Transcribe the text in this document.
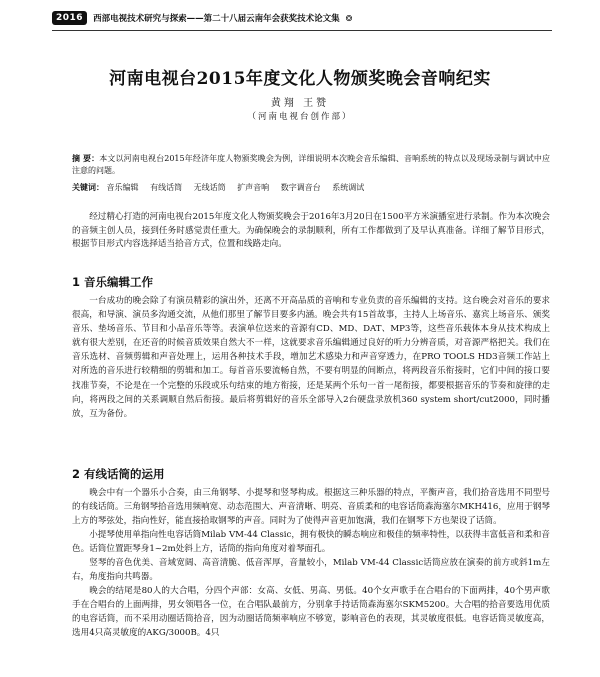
2016	西部电视技术研究与探索——第二十八届云南年会获奖技术论文集 ❂
河南电视台2015年度文化人物颁奖晚会音响纪实
黄翔 王赞
（河南电视台创作部）
摘 要：本文以河南电视台2015年经济年度人物颁奖晚会为例，详细说明本次晚会音乐编辑、音响系统的特点以及现场录制与调试中应注意的问题。
关键词： 音乐编辑 有线话筒 无线话筒 扩声音响 数字调音台 系统调试
经过精心打造的河南电视台2015年度文化人物颁奖晚会于2016年3月20日在1500平方米演播室进行录制。作为本次晚会的音频主创人员，接到任务时感觉责任重大。为确保晚会的录制顺利，所有工作都做到了及早认真准备。详细了解节目形式，根据节目形式内容选择适当拾音方式，位置和线路走向。
1 音乐编辑工作
一台成功的晚会除了有演员精彩的演出外，还离不开高品质的音响和专业负责的音乐编辑的支持。这台晚会对音乐的要求很高，和导演、演员多沟通交流，从他们那里了解节目要多内涵。晚会共有15首故事，主持人上场音乐、嘉宾上场音乐、颁奖音乐、垫场音乐、节目和小品音乐等等。表演单位送来的音源有CD、MD、DAT、MP3等，这些音乐载体本身从技术构成上就有很大差别，在还音的时候音质效果自然大不一样，这就要求音乐编辑通过良好的听力分辨音质，对音源严格把关。我们在音乐选材、音频剪辑和声音处理上，运用各种技术手段，增加艺术感染力和声音穿透力，在PRO TOOLS HD3音频工作站上对所选的音乐进行较精细的剪辑和加工。每首音乐要流畅自然，不要有明显的间断点，将两段音乐衔接时，它们中间的接口要找准节奏，不论是在一个完整的乐段或乐句结束的地方衔接，还是某两个乐句一首一尾衔接，都要根据音乐的节奏和旋律的走向，将两段之间的关系调顺自然后衔接。最后将剪辑好的音乐全部导入2台硬盘录放机360 system short/cut2000，同时播放，互为备份。
2 有线话筒的运用

晚会中有一个器乐小合奏，由三角钢琴、小提琴和竖琴构成。根据这三种乐器的特点，平衡声音，我们拾音选用不同型号的有线话筒。三角钢琴拾音选用频响宽、动态范围大、声音清晰、明亮、音质柔和的电容话筒森海塞尔MKH416，应用于钢琴上方的琴弦处，指向性好，能直接拾取钢琴的声音。同时为了使得声音更加饱满，我们在钢琴下方也架设了话筒。

小提琴使用单指向性电容话筒Milab VM-44 Classic，拥有极快的瞬态响应和极佳的频率特性，以获得丰富低音和柔和音色。话筒位置距琴身1~2m处斜上方，话筒的指向角度对着琴面孔。

竖琴的音色优美、音域宽阔、高音清脆、低音浑厚，音量较小，Milab VM-44 Classic话筒应放在演奏的前方或斜1m左右，角度指向共鸣器。

晚会的结尾是80人的大合唱，分四个声部：女高、女低、男高、男低。40个女声歌手在合唱台的下面两排，40个男声歌手在合唱台的上面两排，男女领唱各一位，在合唱队最前方，分别拿手持话筒森海塞尔SKM5200。大合唱的拾音要选用优质的电容话筒，而不采用动圈话筒拾音，因为动圈话筒频率响应不够宽，影响音色的表现，其灵敏度很低。电容话筒灵敏度高，选用4只高灵敏度的AKG/3000B。4只
